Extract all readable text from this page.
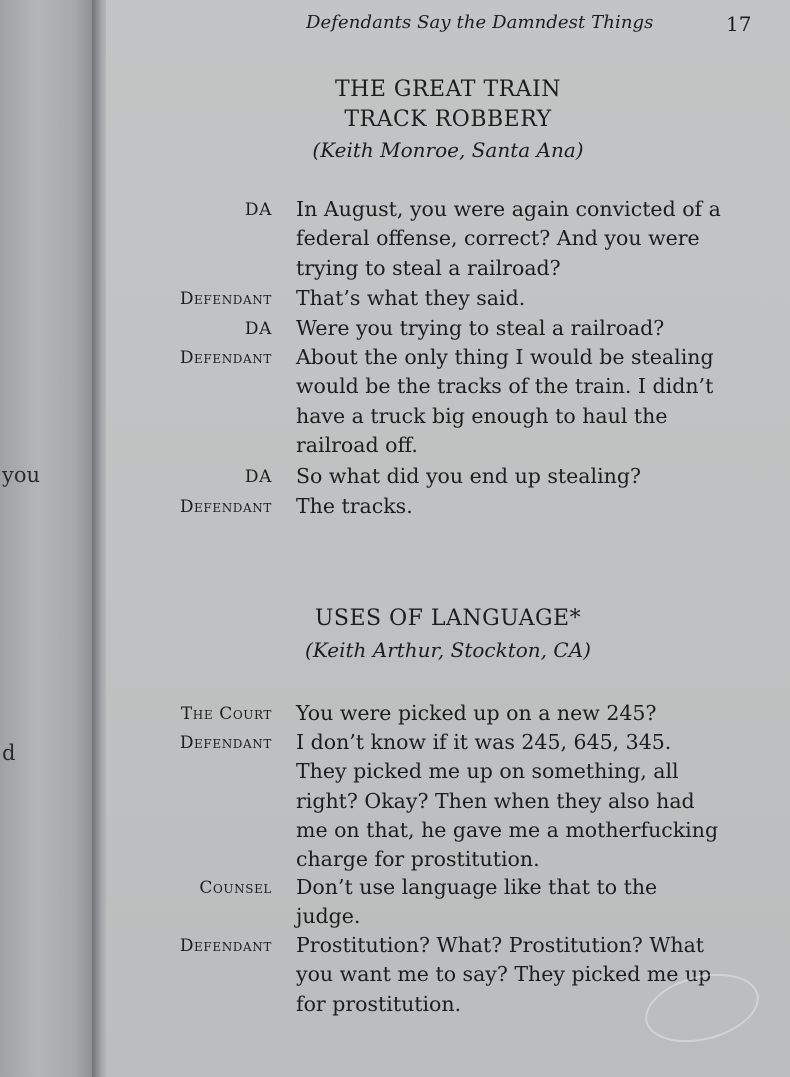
you
d
Defendants Say the Damndest Things	17
THE GREAT TRAIN
TRACK ROBBERY
(Keith Monroe, Santa Ana)
DA In August, you were again convicted of a
federal offense, correct? And you were
trying to steal a railroad?
Defendant That’s what they said.
DA Were you trying to steal a railroad?
Defendant About the only thing I would be stealing
would be the tracks of the train. I didn’t
have a truck big enough to haul the
railroad off.
DA So what did you end up stealing?
Defendant The tracks.
USES OF LANGUAGE*
(Keith Arthur, Stockton, CA)
The Court You were picked up on a new 245?
Defendant I don’t know if it was 245, 645, 345.
They picked me up on something, all
right? Okay? Then when they also had
me on that, he gave me a motherfucking
charge for prostitution.
Counsel Don’t use language like that to the
judge.
Defendant Prostitution? What? Prostitution? What
you want me to say? They picked me up
for prostitution.
